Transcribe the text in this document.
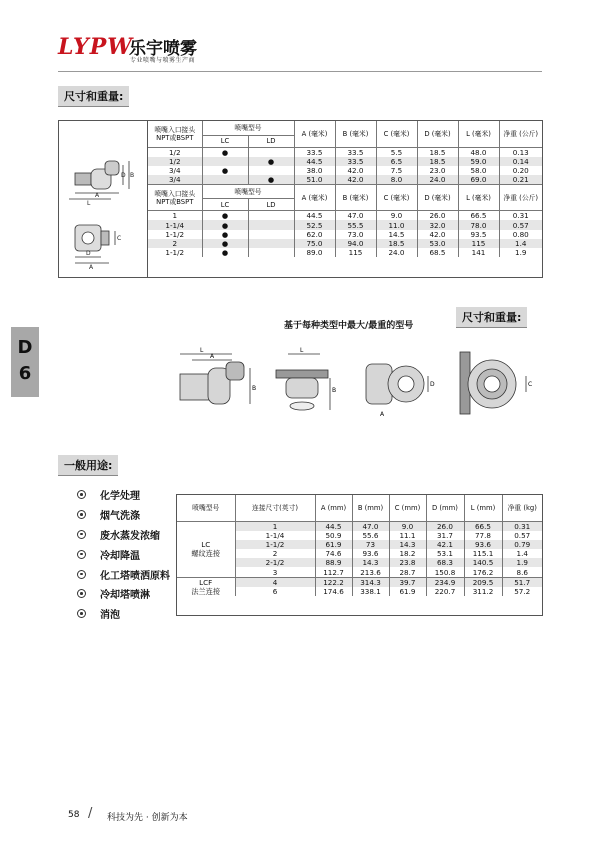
LYPW
乐宇喷雾
专业喷嘴与喷雾生产商
尺寸和重量:
A
L
D B
C
D
A
喷嘴入口接头 NPT或BSPT	喷嘴型号		A (毫米)	B (毫米)	C (毫米)	D (毫米)	L (毫米)	净重 (公斤)
	LC	LD						
1/2	●		33.5	33.5	5.5	18.5	48.0	0.13
1/2		●	44.5	33.5	6.5	18.5	59.0	0.14
3/4	●		38.0	42.0	7.5	23.0	58.0	0.20
3/4		●	51.0	42.0	8.0	24.0	69.0	0.21
喷嘴入口接头 NPT或BSPT	喷嘴型号		A (毫米)	B (毫米)	C (毫米)	D (毫米)	L (毫米)	净重 (公斤)
	LC	LD						
1	●		44.5	47.0	9.0	26.0	66.5	0.31
1-1/4	●		52.5	55.5	11.0	32.0	78.0	0.57
1-1/2	●		62.0	73.0	14.5	42.0	93.5	0.80
2	●		75.0	94.0	18.5	53.0	115	1.4
1-1/2	●		89.0	115	24.0	68.5	141	1.9
尺寸和重量:
基于每种类型中最大/最重的型号
D
6
L
A
B
L
B
A
D	C
一般用途:
化学处理
烟气洗涤
废水蒸发浓缩
冷却降温
化工塔喷洒原料
冷却塔喷淋
消泡
喷嘴型号	连接尺寸(英寸)	A (mm)	B (mm)	C (mm)	D (mm)	L (mm)	净重 (kg)

LC
螺纹连接	1	44.5	47.0	9.0	26.0	66.5	0.31
	1-1/4	50.9	55.6	11.1	31.7	77.8	0.57
	1-1/2	61.9	73	14.3	42.1	93.6	0.79
	2	74.6	93.6	18.2	53.1	115.1	1.4
	2-1/2	88.9	14.3	23.8	68.3	140.5	1.9
	3	112.7	213.6	28.7	150.8	176.2	8.6

LCF
法兰连接	4	122.2	314.3	39.7	234.9	209.5	51.7
	6	174.6	338.1	61.9	220.7	311.2	57.2
58 / 科技为先 · 创新为本
